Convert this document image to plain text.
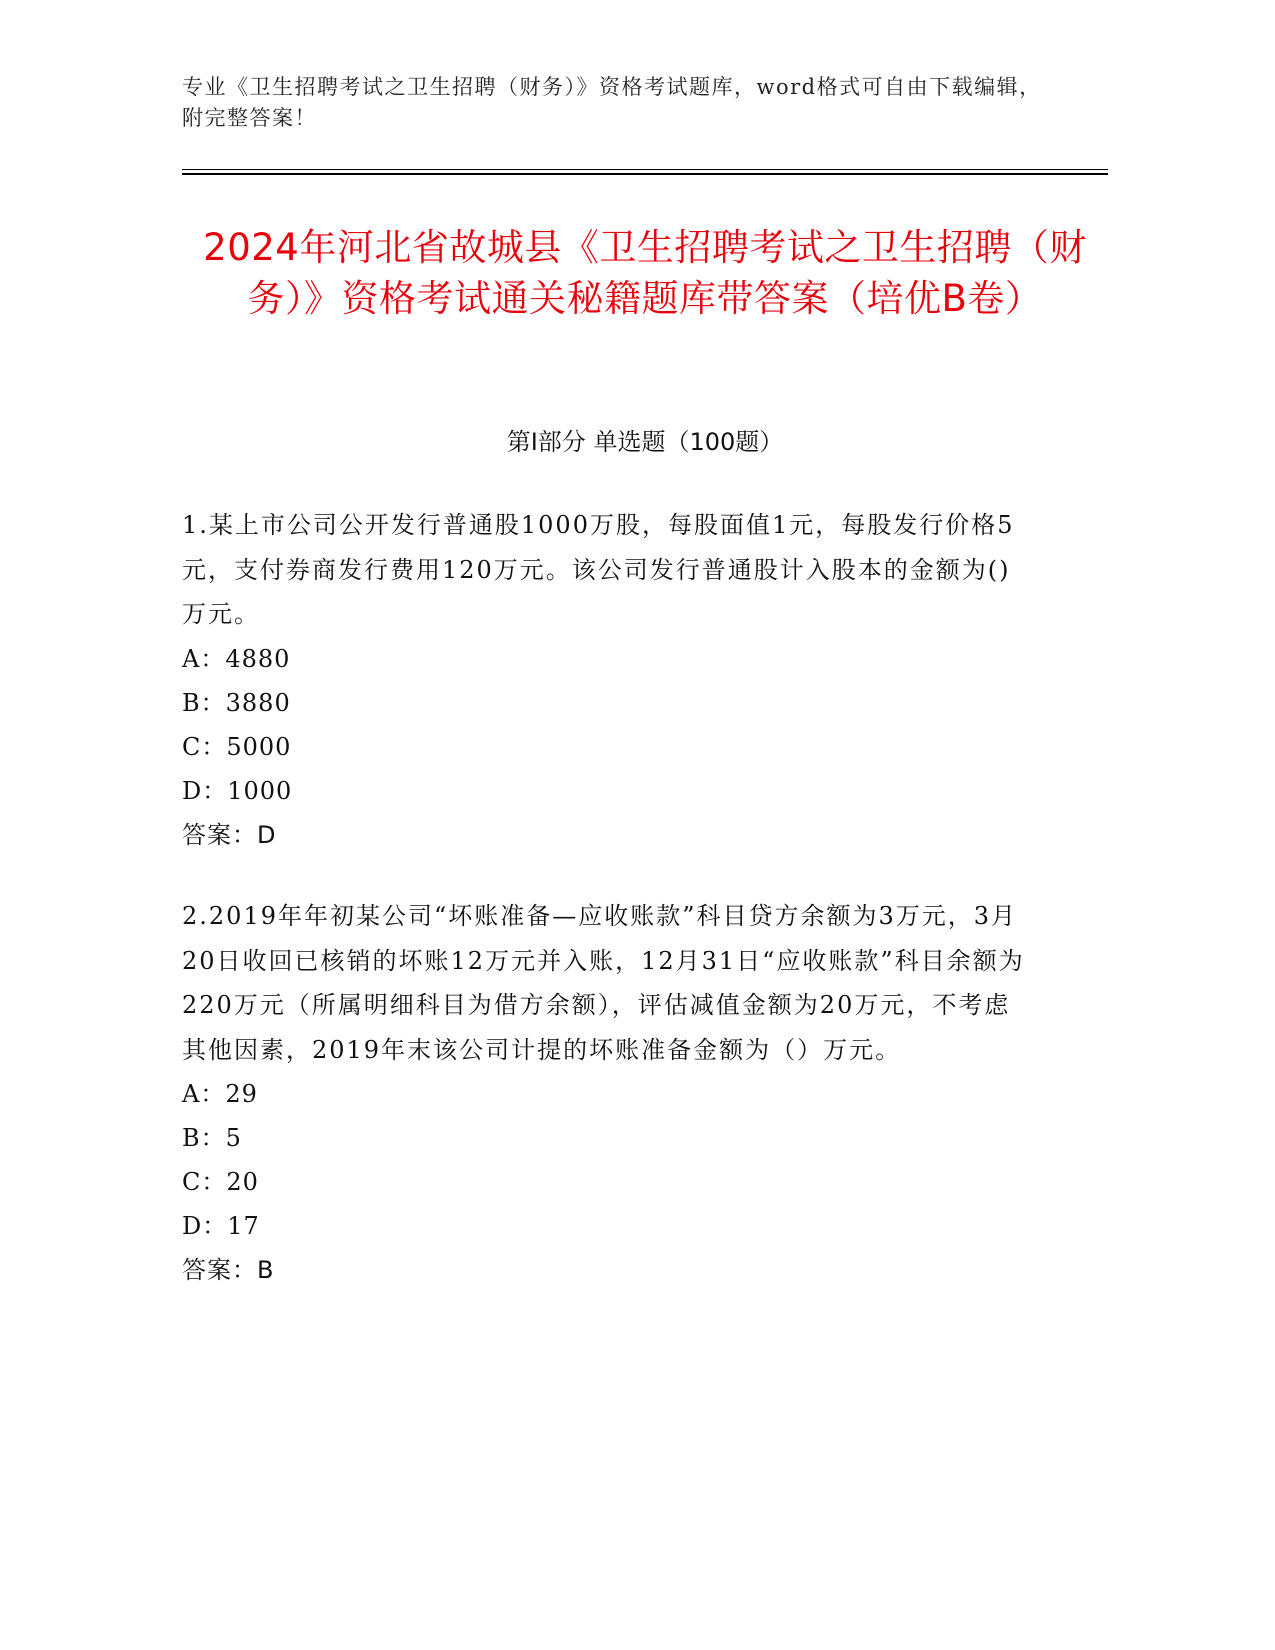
专业《卫生招聘考试之卫生招聘（财务）》资格考试题库，word格式可自由下载编辑，附完整答案！
2024年河北省故城县《卫生招聘考试之卫生招聘（财务）》资格考试通关秘籍题库带答案（培优B卷）
第Ⅰ部分 单选题（100题）

1.某上市公司公开发行普通股1000万股，每股面值1元，每股发行价格5元，支付券商发行费用120万元。该公司发行普通股计入股本的金额为()万元。

A：4880

B：3880

C：5000

D：1000

答案：D

2.2019年年初某公司“坏账准备—应收账款”科目贷方余额为3万元，3月20日收回已核销的坏账12万元并入账，12月31日“应收账款”科目余额为220万元（所属明细科目为借方余额），评估减值金额为20万元，不考虑其他因素，2019年末该公司计提的坏账准备金额为（）万元。

A：29

B：5

C：20

D：17

答案：B
